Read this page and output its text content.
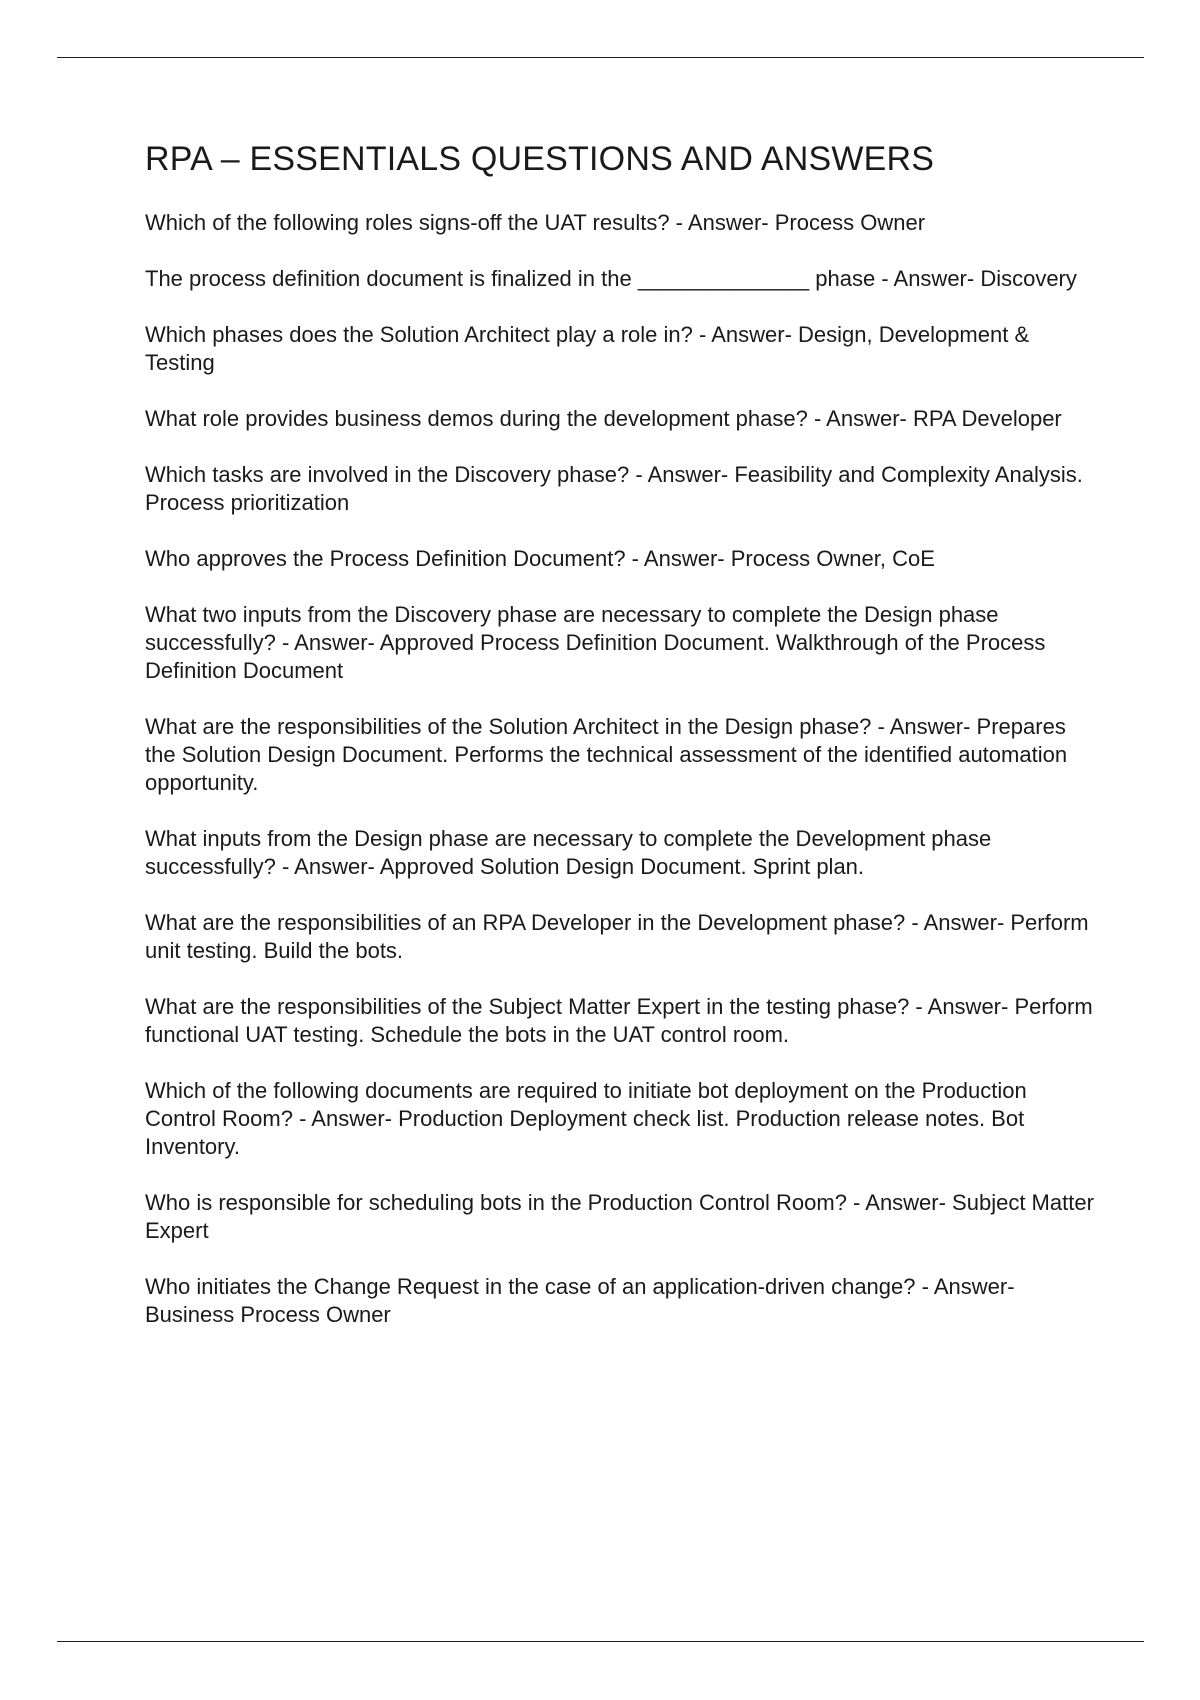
RPA – ESSENTIALS QUESTIONS AND ANSWERS
Which of the following roles signs-off the UAT results? - Answer- Process Owner
The process definition document is finalized in the ______________ phase - Answer- Discovery
Which phases does the Solution Architect play a role in? - Answer- Design, Development & Testing
What role provides business demos during the development phase? - Answer- RPA Developer
Which tasks are involved in the Discovery phase? - Answer- Feasibility and Complexity Analysis. Process prioritization
Who approves the Process Definition Document? - Answer- Process Owner, CoE
What two inputs from the Discovery phase are necessary to complete the Design phase successfully? - Answer- Approved Process Definition Document. Walkthrough of the Process Definition Document
What are the responsibilities of the Solution Architect in the Design phase? - Answer- Prepares the Solution Design Document. Performs the technical assessment of the identified automation opportunity.
What inputs from the Design phase are necessary to complete the Development phase successfully? - Answer- Approved Solution Design Document. Sprint plan.
What are the responsibilities of an RPA Developer in the Development phase? - Answer- Perform unit testing. Build the bots.
What are the responsibilities of the Subject Matter Expert in the testing phase? - Answer- Perform functional UAT testing. Schedule the bots in the UAT control room.
Which of the following documents are required to initiate bot deployment on the Production Control Room? - Answer- Production Deployment check list. Production release notes. Bot Inventory.
Who is responsible for scheduling bots in the Production Control Room? - Answer- Subject Matter Expert
Who initiates the Change Request in the case of an application-driven change? - Answer- Business Process Owner
